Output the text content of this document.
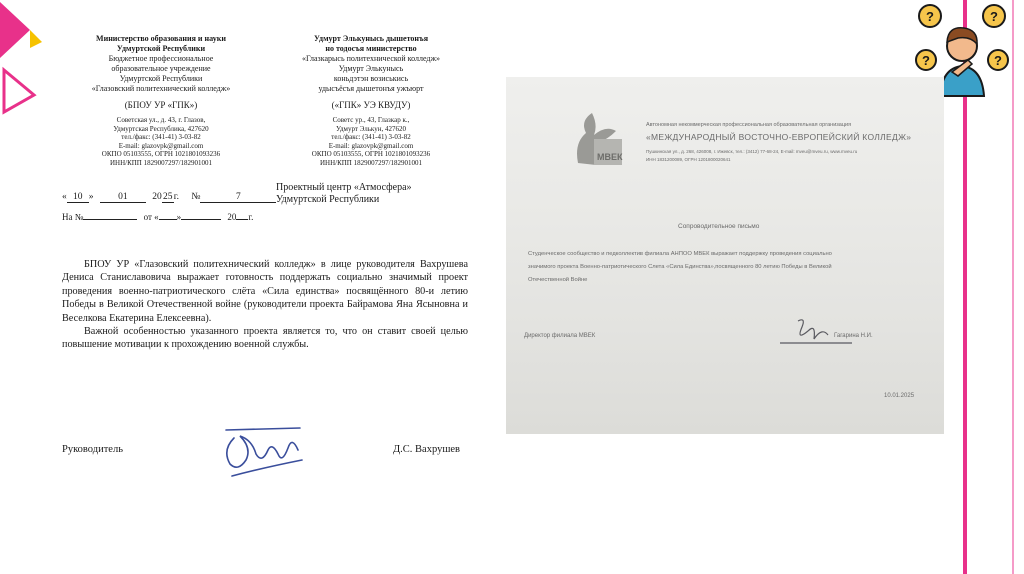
?	?
?	?
Министерство образования и науки
Удмуртской Республики
Бюджетное профессиональное
образовательное учреждение
Удмуртской Республики
«Глазовский политехнический колледж»
(БПОУ УР «ГПК»)
Советская ул., д. 43, г. Глазов,
Удмуртская Республика, 427620
тел./факс: (341-41) 3-03-82
E-mail: glazovpk@gmail.com
ОКПО 05103555, ОГРН 1021801093236
ИНН/КПП 1829007297/182901001
Удмурт Элькунысь дышетонъя
но тодосъя министерство
«Глазкарысь политехнической колледж»
Удмурт Элькунысь
коньдэтэн возиськись
удысъёсъя дышетонъя ужъюрт
(«ГПК» УЭ КВУДУ)
Советс ур., 43, Глазкар к.,
Удмурт Элькун, 427620
тел./факс: (341-41) 3-03-82
E-mail: glazovpk@gmail.com
ОКПО 05103555, ОГРН 1021801093236
ИНН/КПП 1829007297/182901001
« 10 »	01	2025г. №	7
На №	от « »	20 г.
Проектный центр «Атмосфера»
Удмуртской Республики

БПОУ УР «Глазовский политехнический колледж» в лице руководителя Вахрушева Дениса Станиславовича выражает готовность поддержать социально значимый проект проведения военно-патриотического слёта «Сила единства» посвящённого 80-и летию Победы в Великой Отечественной войне (руководители проекта Байрамова Яна Ясыновна и Веселкова Екатерина Елексеевна).

Важной особенностью указанного проекта является то, что он ставит своей целью повышение мотивации к прохождению военной службы.

Руководитель	Д.С. Вахрушев
МВЕК
Автономная некоммерческая профессиональная образовательная организация
«МЕЖДУНАРОДНЫЙ ВОСТОЧНО-ЕВРОПЕЙСКИЙ КОЛЛЕДЖ»
Пушкинская ул., д. 268, 426008, г. Ижевск, тел.: (3412) 77-68-24, E-mail: mveu@mveu.ru, www.mveu.ru
ИНН 1831200089, ОГРН 1201800020641
Сопроводительное письмо
Студенческое сообщество и педколлектив филиала АНПОО МВЕК выражает поддержку проведения социально
значимого проекта Военно-патриотического Слета «Сила Единства»,посвященного 80 летию Победы в Великой
Отечественной Войне
Директор филиала МВЕК	Гагарина Н.И.
10.01.2025
